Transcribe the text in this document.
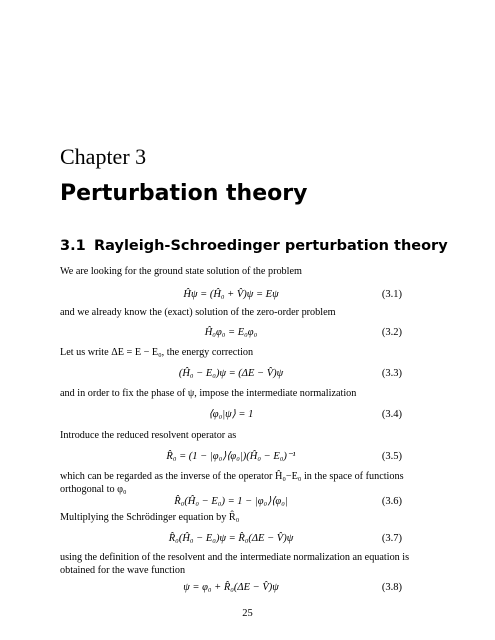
Chapter 3
Perturbation theory
3.1 Rayleigh-Schroedinger perturbation theory
We are looking for the ground state solution of the problem
Ĥψ = (Ĥ₀ + V̂)ψ = Eψ	(3.1)
and we already know the (exact) solution of the zero-order problem
Ĥ₀φ₀ = E₀φ₀	(3.2)
Let us write ΔE = E − E₀, the energy correction
(Ĥ₀ − E₀)ψ = (ΔE − V̂)ψ	(3.3)
and in order to fix the phase of ψ, impose the intermediate normalization
⟨φ₀|ψ⟩ = 1	(3.4)
Introduce the reduced resolvent operator as
R̂₀ = (1 − |φ₀⟩⟨φ₀|)(Ĥ₀ − E₀)⁻¹	(3.5)
which can be regarded as the inverse of the operator Ĥ₀−E₀ in the space of functions orthogonal to φ₀
R̂₀(Ĥ₀ − E₀) = 1 − |φ₀⟩⟨φ₀|	(3.6)
Multiplying the Schrödinger equation by R̂₀
R̂₀(Ĥ₀ − E₀)ψ = R̂₀(ΔE − V̂)ψ	(3.7)
using the definition of the resolvent and the intermediate normalization an equation is obtained for the wave function
ψ = φ₀ + R̂₀(ΔE − V̂)ψ	(3.8)
25
